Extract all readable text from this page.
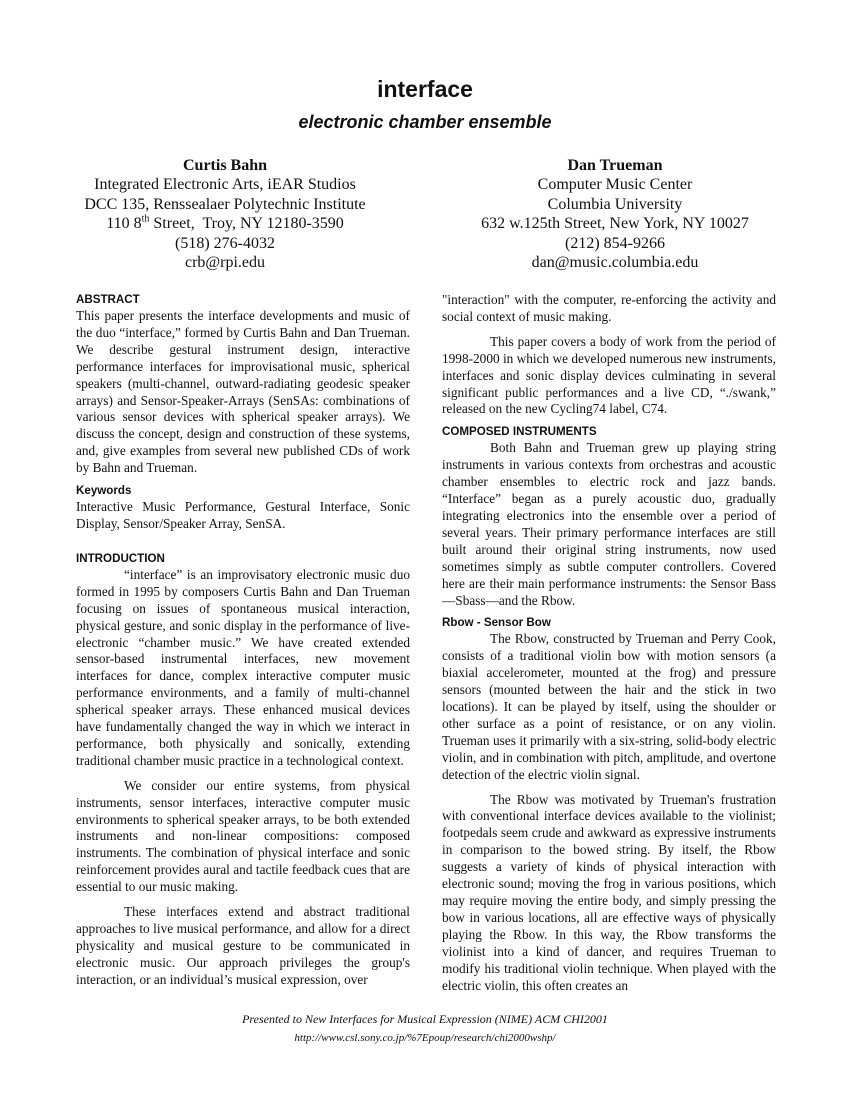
interface
electronic chamber ensemble
Curtis Bahn
Integrated Electronic Arts, iEAR Studios
DCC 135, Renssealaer Polytechnic Institute
110 8th Street,  Troy, NY 12180-3590
(518) 276-4032
crb@rpi.edu
Dan Trueman
Computer Music Center
Columbia University
632 w.125th Street, New York, NY 10027
(212) 854-9266
dan@music.columbia.edu
ABSTRACT

This paper presents the interface developments and music of the duo “interface,” formed by Curtis Bahn and Dan Trueman. We describe gestural instrument design, interactive performance interfaces for improvisational music, spherical speakers (multi-channel, outward-radiating geodesic speaker arrays) and Sensor-Speaker-Arrays (SenSAs: combinations of various sensor devices with spherical speaker arrays). We discuss the concept, design and construction of these systems, and, give examples from several new published CDs of work by Bahn and Trueman.

Keywords

Interactive Music Performance, Gestural Interface, Sonic Display, Sensor/Speaker Array, SenSA.

INTRODUCTION

“interface” is an improvisatory electronic music duo formed in 1995 by composers Curtis Bahn and Dan Trueman focusing on issues of spontaneous musical interaction, physical gesture, and sonic display in the performance of live-electronic “chamber music.” We have created extended sensor-based instrumental interfaces, new movement interfaces for dance, complex interactive computer music performance environments, and a family of multi-channel spherical speaker arrays. These enhanced musical devices have fundamentally changed the way in which we interact in performance, both physically and sonically, extending traditional chamber music practice in a technological context.

We consider our entire systems, from physical instruments, sensor interfaces, interactive computer music environments to spherical speaker arrays, to be both extended instruments and non-linear compositions: composed instruments. The combination of physical interface and sonic reinforcement provides aural and tactile feedback cues that are essential to our music making.

These interfaces extend and abstract traditional approaches to live musical performance, and allow for a direct physicality and musical gesture to be communicated in electronic music. Our approach privileges the group's interaction, or an individual’s musical expression, over

"interaction" with the computer, re-enforcing the activity and social context of music making.

This paper covers a body of work from the period of 1998-2000 in which we developed numerous new instruments, interfaces and sonic display devices culminating in several significant public performances and a live CD, “./swank,” released on the new Cycling74 label, C74.

COMPOSED INSTRUMENTS

Both Bahn and Trueman grew up playing string instruments in various contexts from orchestras and acoustic chamber ensembles to electric rock and jazz bands. “Interface” began as a purely acoustic duo, gradually integrating electronics into the ensemble over a period of several years. Their primary performance interfaces are still built around their original string instruments, now used sometimes simply as subtle computer controllers. Covered here are their main performance instruments: the Sensor Bass—Sbass—and the Rbow.

Rbow - Sensor Bow

The Rbow, constructed by Trueman and Perry Cook, consists of a traditional violin bow with motion sensors (a biaxial accelerometer, mounted at the frog) and pressure sensors (mounted between the hair and the stick in two locations). It can be played by itself, using the shoulder or other surface as a point of resistance, or on any violin. Trueman uses it primarily with a six-string, solid-body electric violin, and in combination with pitch, amplitude, and overtone detection of the electric violin signal.

The Rbow was motivated by Trueman's frustration with conventional interface devices available to the violinist; footpedals seem crude and awkward as expressive instruments in comparison to the bowed string. By itself, the Rbow suggests a variety of kinds of physical interaction with electronic sound; moving the frog in various positions, which may require moving the entire body, and simply pressing the bow in various locations, all are effective ways of physically playing the Rbow. In this way, the Rbow transforms the violinist into a kind of dancer, and requires Trueman to modify his traditional violin technique. When played with the electric violin, this often creates an

Presented to New Interfaces for Musical Expression (NIME) ACM CHI2001
http://www.csl.sony.co.jp/%7Epoup/research/chi2000wshp/
